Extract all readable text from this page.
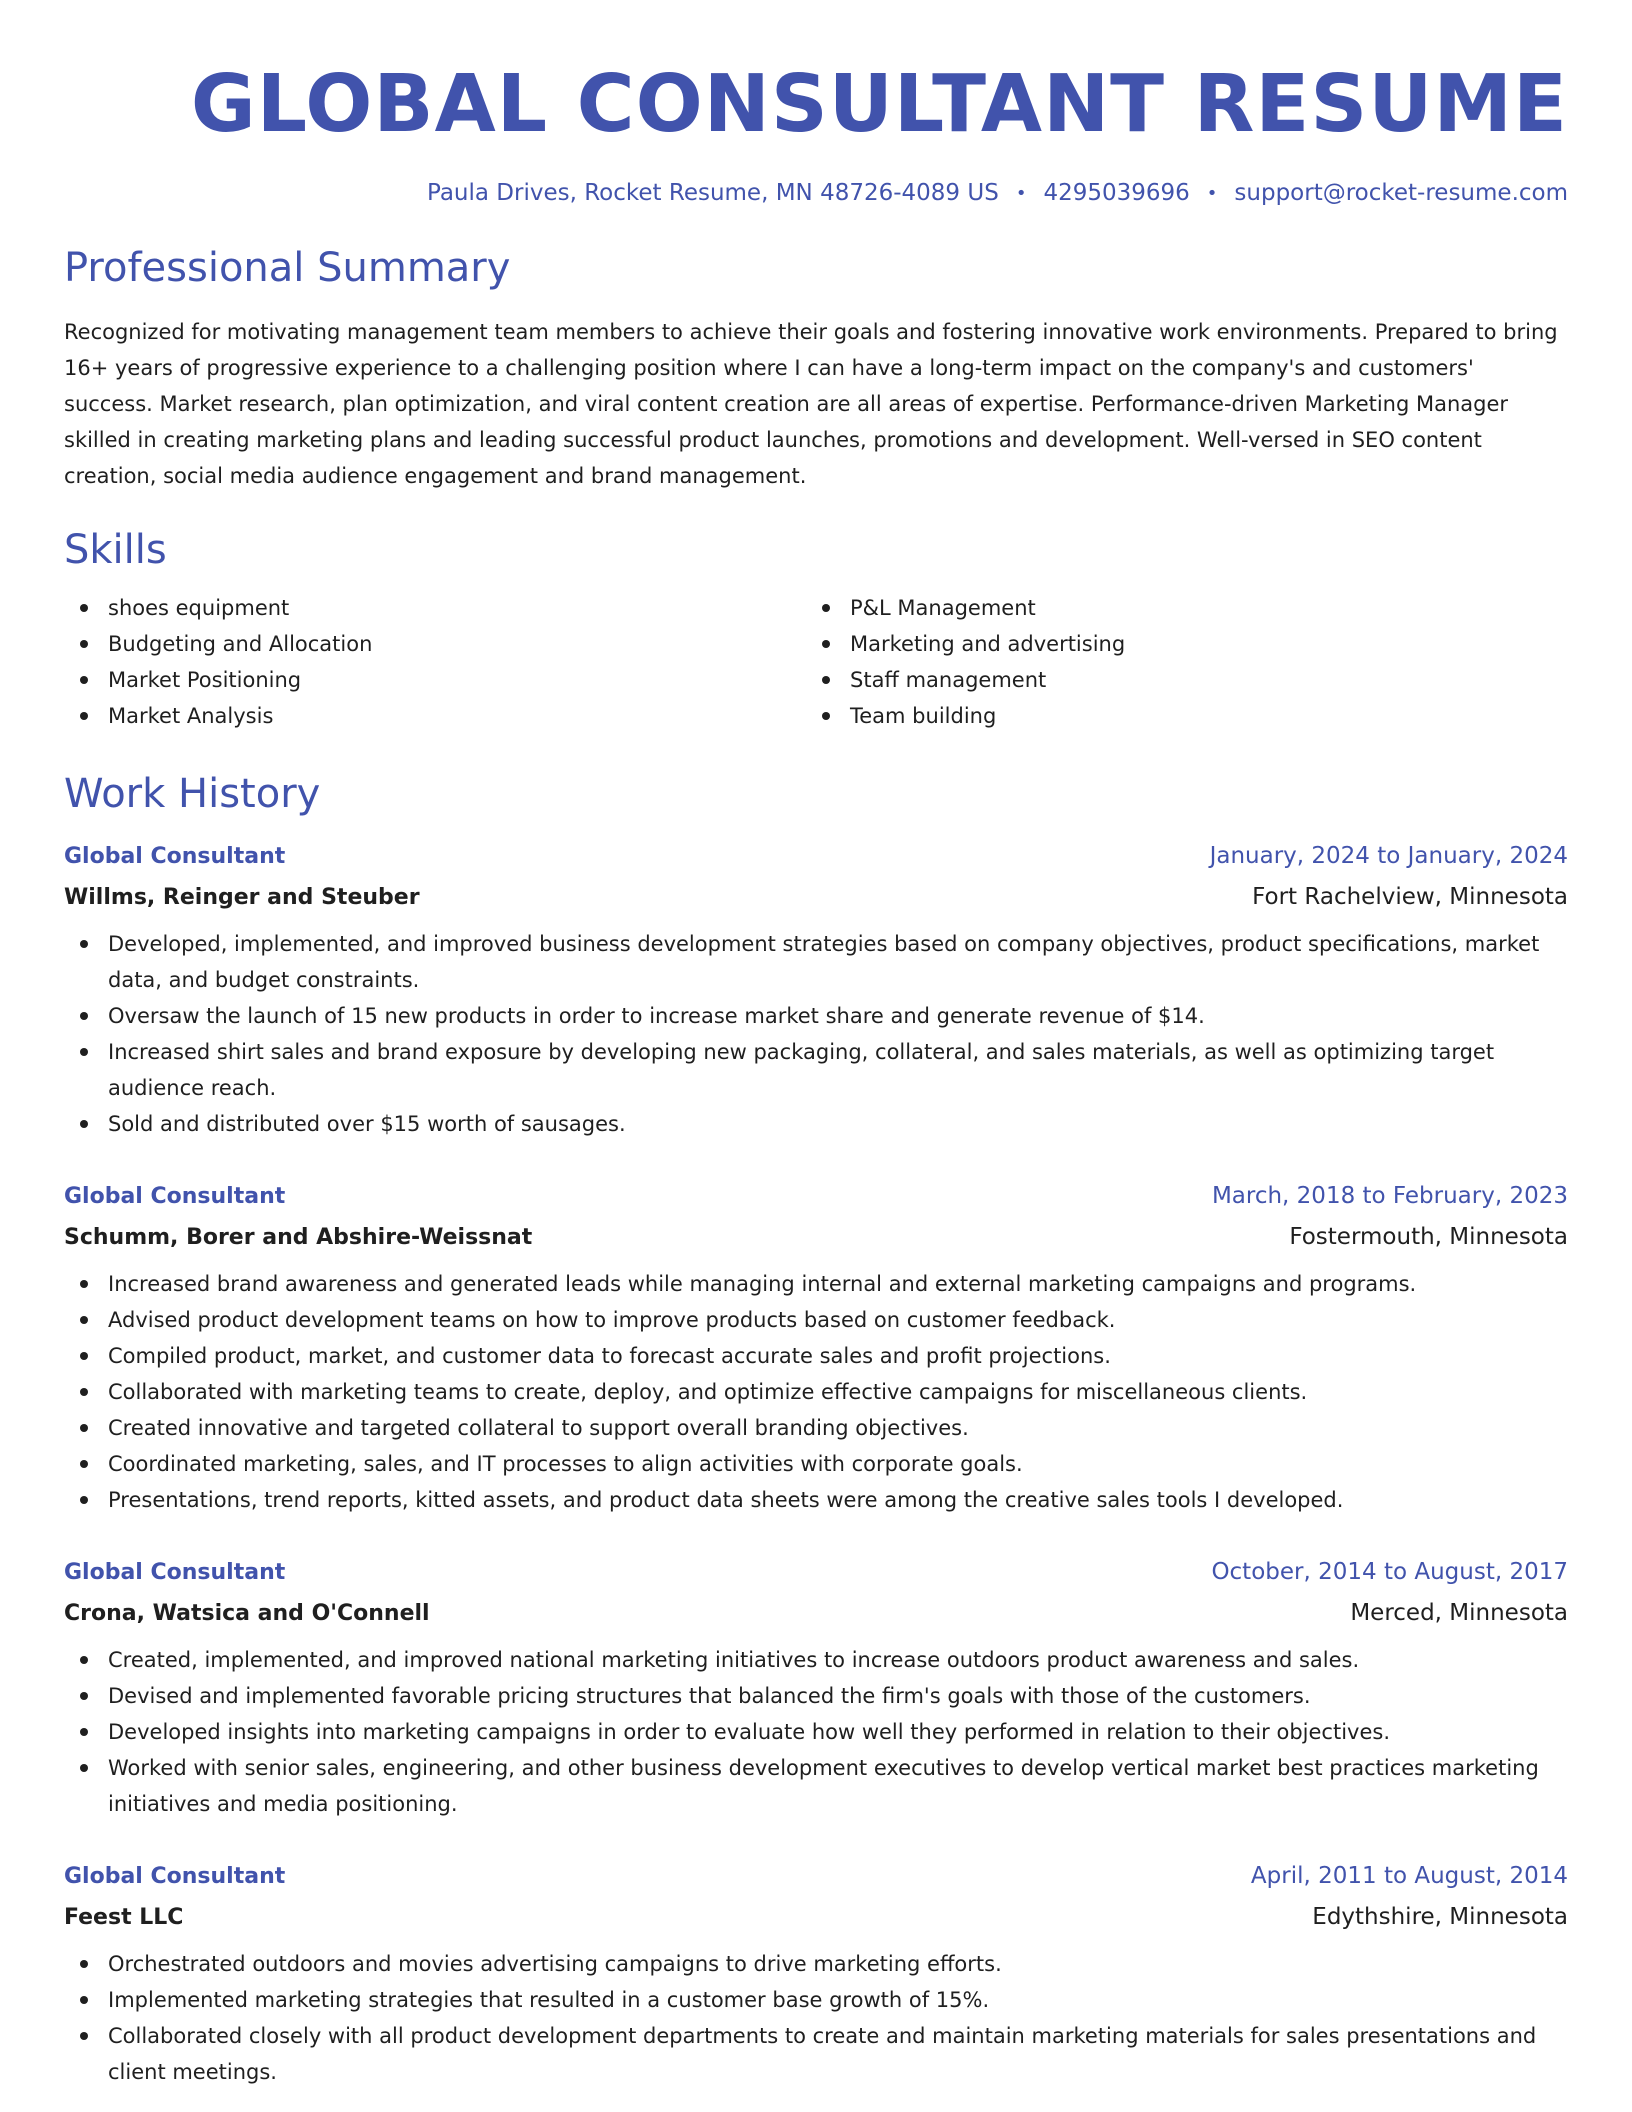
GLOBAL CONSULTANT RESUME
Paula Drives, Rocket Resume, MN 48726-4089 US • 4295039696 • support@rocket-resume.com
Professional Summary

Recognized for motivating management team members to achieve their goals and fostering innovative work environments. Prepared to bring 16+ years of progressive experience to a challenging position where I can have a long-term impact on the company's and customers' success. Market research, plan optimization, and viral content creation are all areas of expertise. Performance-driven Marketing Manager skilled in creating marketing plans and leading successful product launches, promotions and development. Well-versed in SEO content creation, social media audience engagement and brand management.

Skills
shoes equipment
Budgeting and Allocation
Market Positioning
Market Analysis
P&L Management
Marketing and advertising
Staff management
Team building
Work History
Global Consultant	January, 2024 to January, 2024
Willms, Reinger and Steuber	Fort Rachelview, Minnesota
Developed, implemented, and improved business development strategies based on company objectives, product specifications, market data, and budget constraints.
Oversaw the launch of 15 new products in order to increase market share and generate revenue of $14.
Increased shirt sales and brand exposure by developing new packaging, collateral, and sales materials, as well as optimizing target audience reach.
Sold and distributed over $15 worth of sausages.
Global Consultant	March, 2018 to February, 2023
Schumm, Borer and Abshire-Weissnat	Fostermouth, Minnesota
Increased brand awareness and generated leads while managing internal and external marketing campaigns and programs.
Advised product development teams on how to improve products based on customer feedback.
Compiled product, market, and customer data to forecast accurate sales and profit projections.
Collaborated with marketing teams to create, deploy, and optimize effective campaigns for miscellaneous clients.
Created innovative and targeted collateral to support overall branding objectives.
Coordinated marketing, sales, and IT processes to align activities with corporate goals.
Presentations, trend reports, kitted assets, and product data sheets were among the creative sales tools I developed.
Global Consultant	October, 2014 to August, 2017
Crona, Watsica and O'Connell	Merced, Minnesota
Created, implemented, and improved national marketing initiatives to increase outdoors product awareness and sales.
Devised and implemented favorable pricing structures that balanced the firm's goals with those of the customers.
Developed insights into marketing campaigns in order to evaluate how well they performed in relation to their objectives.
Worked with senior sales, engineering, and other business development executives to develop vertical market best practices marketing initiatives and media positioning.
Global Consultant	April, 2011 to August, 2014
Feest LLC	Edythshire, Minnesota
Orchestrated outdoors and movies advertising campaigns to drive marketing efforts.
Implemented marketing strategies that resulted in a customer base growth of 15%.
Collaborated closely with all product development departments to create and maintain marketing materials for sales presentations and client meetings.
